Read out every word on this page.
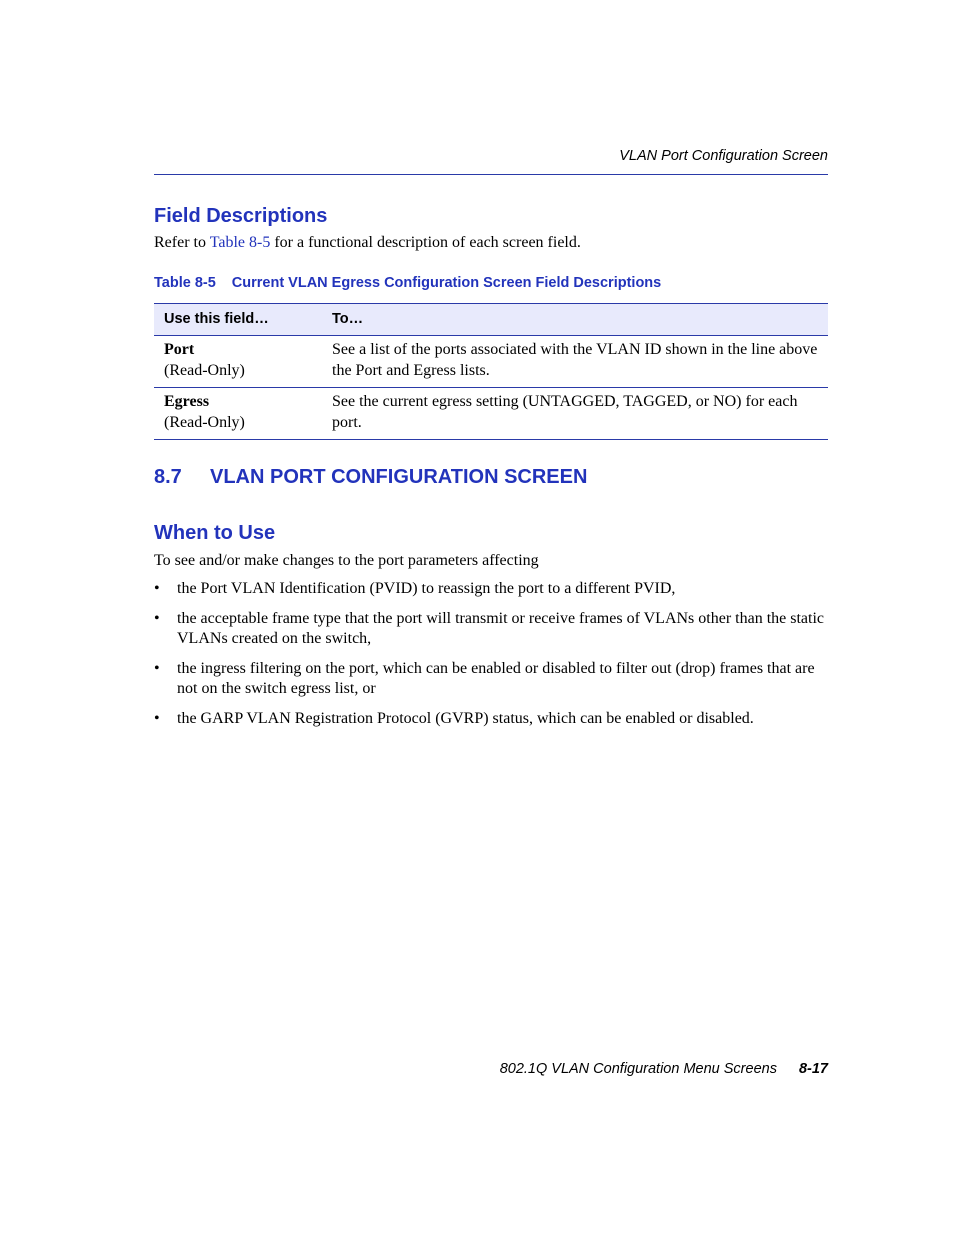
VLAN Port Configuration Screen
Field Descriptions
Refer to Table 8-5 for a functional description of each screen field.
Table 8-5 Current VLAN Egress Configuration Screen Field Descriptions
Use this field…	To…

Port
(Read-Only)	See a list of the ports associated with the VLAN ID shown in the line above the Port and Egress lists.

Egress
(Read-Only)	See the current egress setting (UNTAGGED, TAGGED, or NO) for each port.
8.7 VLAN PORT CONFIGURATION SCREEN
When to Use
To see and/or make changes to the port parameters affecting
• the Port VLAN Identification (PVID) to reassign the port to a different PVID,
• the acceptable frame type that the port will transmit or receive frames of VLANs other than the static VLANs created on the switch,
• the ingress filtering on the port, which can be enabled or disabled to filter out (drop) frames that are not on the switch egress list, or
• the GARP VLAN Registration Protocol (GVRP) status, which can be enabled or disabled.
802.1Q VLAN Configuration Menu Screens 8-17
